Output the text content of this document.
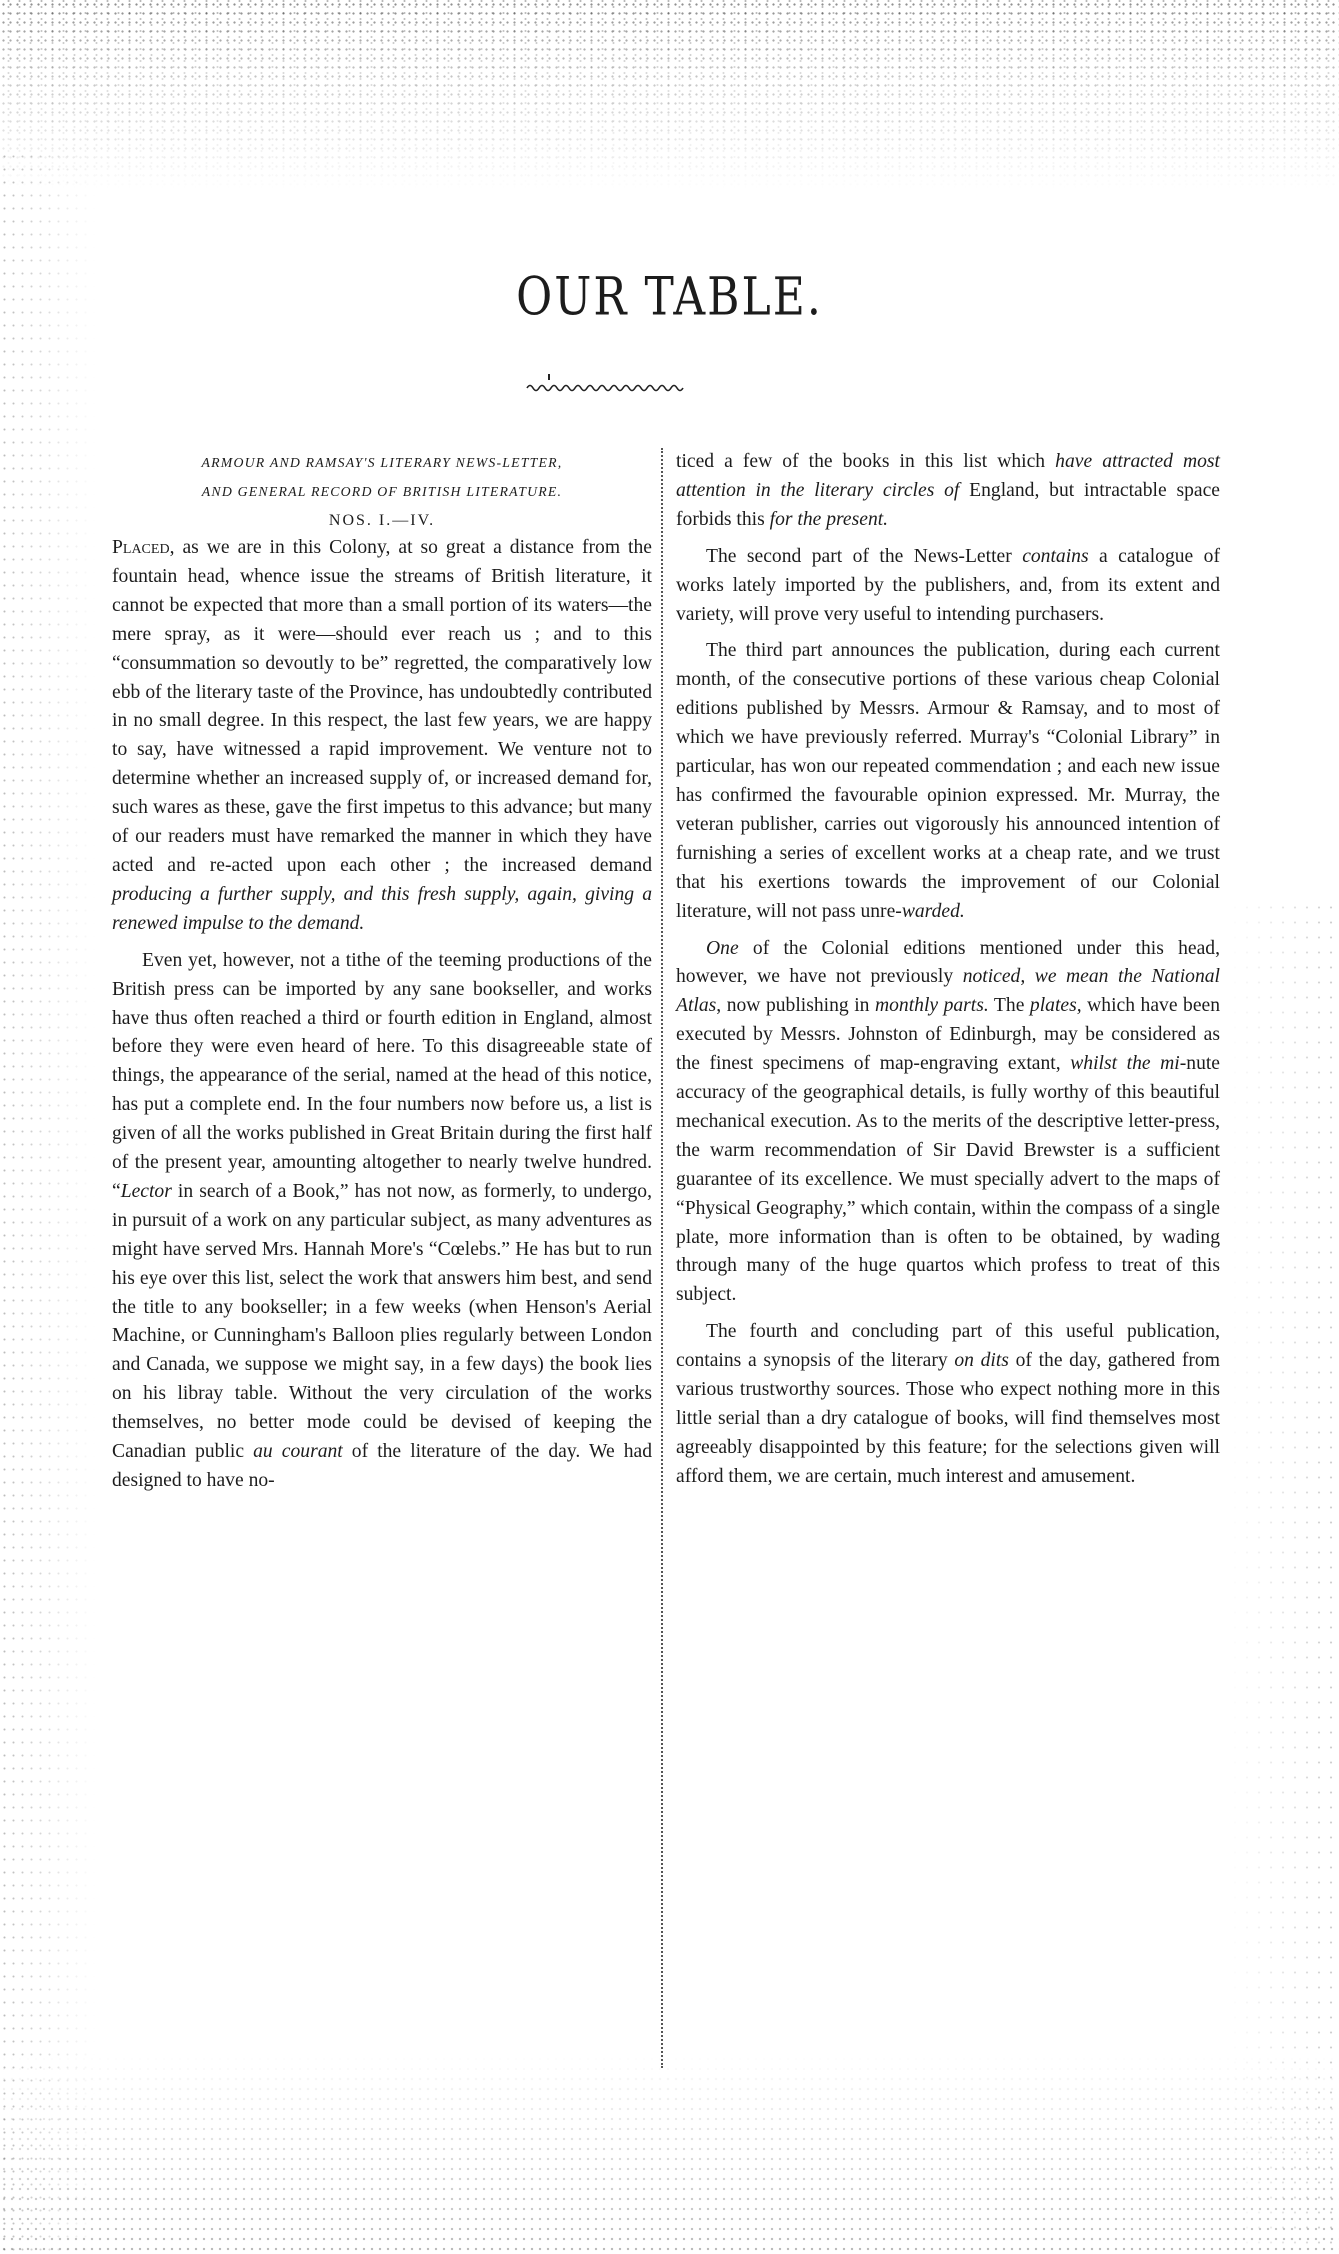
OUR TABLE.
ARMOUR AND RAMSAY'S LITERARY NEWS-LETTER,
AND GENERAL RECORD OF BRITISH LITERATURE.
NOS. I.—IV.

Placed, as we are in this Colony, at so great a distance from the fountain head, whence issue the streams of British literature, it cannot be expected that more than a small portion of its waters—the mere spray, as it were—should ever reach us ; and to this “consummation so devoutly to be” regretted, the comparatively low ebb of the literary taste of the Province, has undoubtedly contributed in no small degree. In this respect, the last few years, we are happy to say, have witnessed a rapid improvement. We venture not to determine whether an increased supply of, or increased demand for, such wares as these, gave the first impetus to this advance; but many of our readers must have remarked the manner in which they have acted and re-acted upon each other ; the increased demand producing a further supply, and this fresh supply, again, giving a renewed impulse to the demand.

Even yet, however, not a tithe of the teeming productions of the British press can be imported by any sane bookseller, and works have thus often reached a third or fourth edition in England, almost before they were even heard of here. To this disagreeable state of things, the appearance of the serial, named at the head of this notice, has put a complete end. In the four numbers now before us, a list is given of all the works published in Great Britain during the first half of the present year, amounting altogether to nearly twelve hundred. “Lector in search of a Book,” has not now, as formerly, to undergo, in pursuit of a work on any particular subject, as many adventures as might have served Mrs. Hannah More's “Cœlebs.” He has but to run his eye over this list, select the work that answers him best, and send the title to any bookseller; in a few weeks (when Henson's Aerial Machine, or Cunningham's Balloon plies regularly between London and Canada, we suppose we might say, in a few days) the book lies on his libray table. Without the very circulation of the works themselves, no better mode could be devised of keeping the Canadian public au courant of the literature of the day. We had designed to have no-

ticed a few of the books in this list which have attracted most attention in the literary circles of England, but intractable space forbids this for the present.

The second part of the News-Letter contains a catalogue of works lately imported by the publishers, and, from its extent and variety, will prove very useful to intending purchasers.

The third part announces the publication, during each current month, of the consecutive portions of these various cheap Colonial editions published by Messrs. Armour & Ramsay, and to most of which we have previously referred. Murray's “Colonial Library” in particular, has won our repeated commendation ; and each new issue has confirmed the favourable opinion expressed. Mr. Murray, the veteran publisher, carries out vigorously his announced intention of furnishing a series of excellent works at a cheap rate, and we trust that his exertions towards the improvement of our Colonial literature, will not pass unre-warded.

One of the Colonial editions mentioned under this head, however, we have not previously noticed, we mean the National Atlas, now publishing in monthly parts. The plates, which have been executed by Messrs. Johnston of Edinburgh, may be considered as the finest specimens of map-engraving extant, whilst the mi-nute accuracy of the geographical details, is fully worthy of this beautiful mechanical execution. As to the merits of the descriptive letter-press, the warm recommendation of Sir David Brewster is a sufficient guarantee of its excellence. We must specially advert to the maps of “Physical Geography,” which contain, within the compass of a single plate, more information than is often to be obtained, by wading through many of the huge quartos which profess to treat of this subject.

The fourth and concluding part of this useful publication, contains a synopsis of the literary on dits of the day, gathered from various trustworthy sources. Those who expect nothing more in this little serial than a dry catalogue of books, will find themselves most agreeably disappointed by this feature; for the selections given will afford them, we are certain, much interest and amusement.
